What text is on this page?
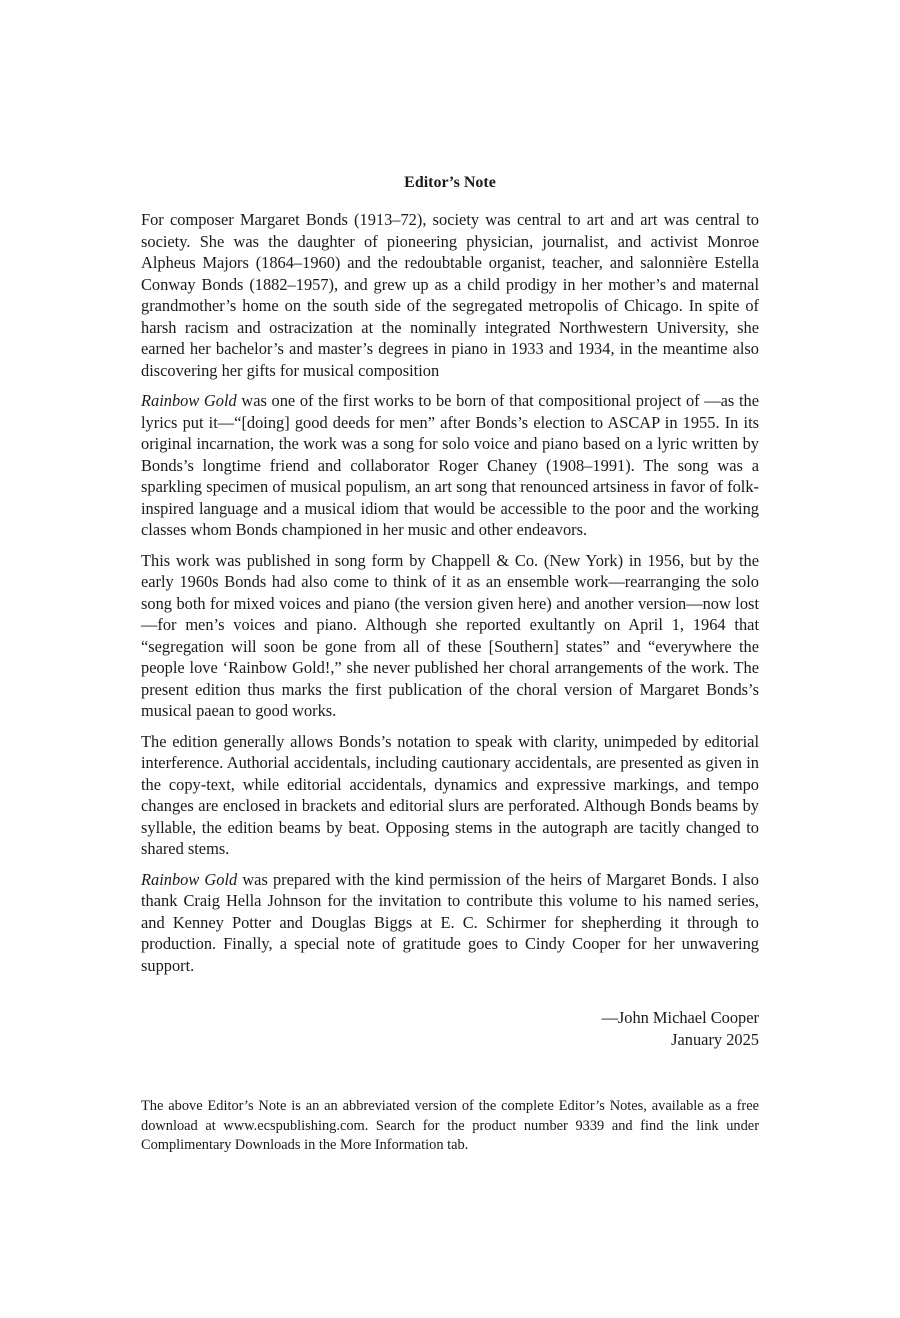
Editor’s Note

For composer Margaret Bonds (1913–72), society was central to art and art was central to society. She was the daughter of pioneering physician, journalist, and activist Monroe Alpheus Majors (1864–1960) and the redoubtable organist, teacher, and salonnière Estella Conway Bonds (1882–1957), and grew up as a child prodigy in her mother’s and maternal grandmother’s home on the south side of the segregated metropolis of Chicago. In spite of harsh racism and ostracization at the nominally integrated Northwestern University, she earned her bachelor’s and master’s degrees in piano in 1933 and 1934, in the meantime also discovering her gifts for musical composition

Rainbow Gold was one of the first works to be born of that compositional project of —as the lyrics put it—“[doing] good deeds for men” after Bonds’s election to ASCAP in 1955. In its original incarnation, the work was a song for solo voice and piano based on a lyric written by Bonds’s longtime friend and collaborator Roger Chaney (1908–1991). The song was a sparkling specimen of musical populism, an art song that renounced artsiness in favor of folk-inspired language and a musical idiom that would be accessible to the poor and the working classes whom Bonds championed in her music and other endeavors.

This work was published in song form by Chappell & Co. (New York) in 1956, but by the early 1960s Bonds had also come to think of it as an ensemble work—rearranging the solo song both for mixed voices and piano (the version given here) and another version—now lost—for men’s voices and piano. Although she reported exultantly on April 1, 1964 that “segregation will soon be gone from all of these [Southern] states” and “everywhere the people love ‘Rainbow Gold!,” she never published her choral arrangements of the work. The present edition thus marks the first publication of the choral version of Margaret Bonds’s musical paean to good works.

The edition generally allows Bonds’s notation to speak with clarity, unimpeded by editorial interference. Authorial accidentals, including cautionary accidentals, are presented as given in the copy-text, while editorial accidentals, dynamics and expressive markings, and tempo changes are enclosed in brackets and editorial slurs are perforated. Although Bonds beams by syllable, the edition beams by beat. Opposing stems in the autograph are tacitly changed to shared stems.

Rainbow Gold was prepared with the kind permission of the heirs of Margaret Bonds. I also thank Craig Hella Johnson for the invitation to contribute this volume to his named series, and Kenney Potter and Douglas Biggs at E. C. Schirmer for shepherding it through to production. Finally, a special note of gratitude goes to Cindy Cooper for her unwavering support.

—John Michael Cooper
January 2025

The above Editor’s Note is an an abbreviated version of the complete Editor’s Notes, available as a free download at www.ecspublishing.com. Search for the product number 9339 and find the link under Complimentary Downloads in the More Information tab.
